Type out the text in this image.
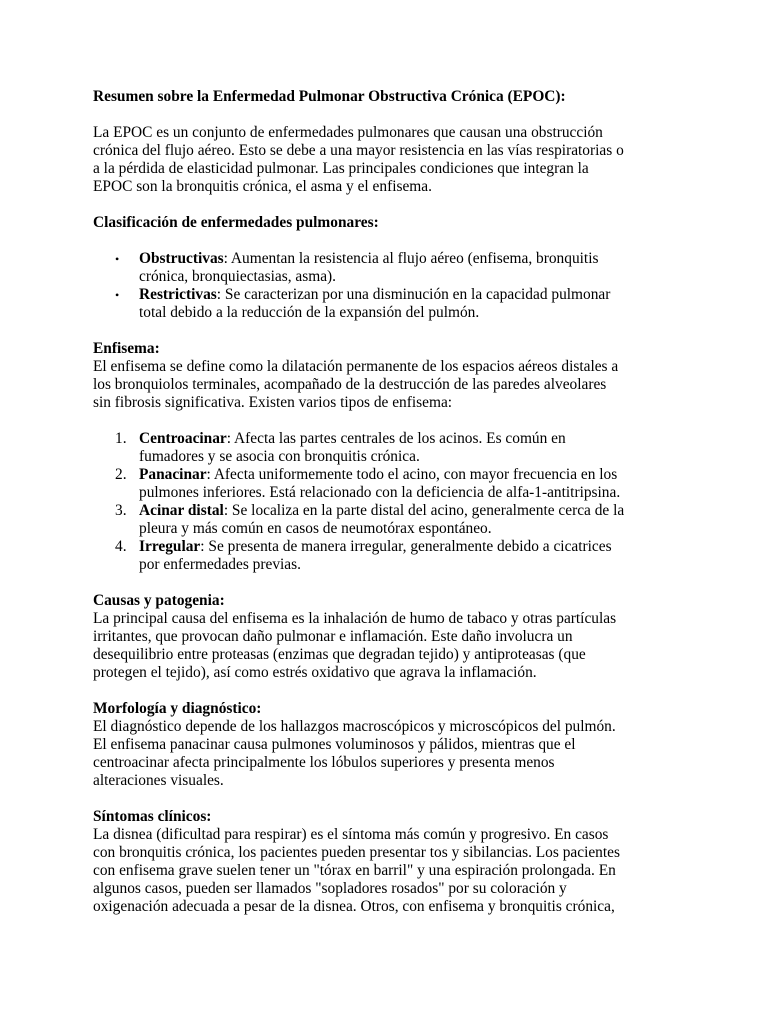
Resumen sobre la Enfermedad Pulmonar Obstructiva Crónica (EPOC):
La EPOC es un conjunto de enfermedades pulmonares que causan una obstrucción
crónica del flujo aéreo. Esto se debe a una mayor resistencia en las vías respiratorias o
a la pérdida de elasticidad pulmonar. Las principales condiciones que integran la
EPOC son la bronquitis crónica, el asma y el enfisema.
Clasificación de enfermedades pulmonares:
• Obstructivas: Aumentan la resistencia al flujo aéreo (enfisema, bronquitis
crónica, bronquiectasias, asma).
• Restrictivas: Se caracterizan por una disminución en la capacidad pulmonar
total debido a la reducción de la expansión del pulmón.
Enfisema:
El enfisema se define como la dilatación permanente de los espacios aéreos distales a
los bronquiolos terminales, acompañado de la destrucción de las paredes alveolares
sin fibrosis significativa. Existen varios tipos de enfisema:
1. Centroacinar: Afecta las partes centrales de los acinos. Es común en
fumadores y se asocia con bronquitis crónica.
2. Panacinar: Afecta uniformemente todo el acino, con mayor frecuencia en los
pulmones inferiores. Está relacionado con la deficiencia de alfa-1-antitripsina.
3. Acinar distal: Se localiza en la parte distal del acino, generalmente cerca de la
pleura y más común en casos de neumotórax espontáneo.
4. Irregular: Se presenta de manera irregular, generalmente debido a cicatrices
por enfermedades previas.
Causas y patogenia:
La principal causa del enfisema es la inhalación de humo de tabaco y otras partículas
irritantes, que provocan daño pulmonar e inflamación. Este daño involucra un
desequilibrio entre proteasas (enzimas que degradan tejido) y antiproteasas (que
protegen el tejido), así como estrés oxidativo que agrava la inflamación.
Morfología y diagnóstico:
El diagnóstico depende de los hallazgos macroscópicos y microscópicos del pulmón.
El enfisema panacinar causa pulmones voluminosos y pálidos, mientras que el
centroacinar afecta principalmente los lóbulos superiores y presenta menos
alteraciones visuales.
Síntomas clínicos:
La disnea (dificultad para respirar) es el síntoma más común y progresivo. En casos
con bronquitis crónica, los pacientes pueden presentar tos y sibilancias. Los pacientes
con enfisema grave suelen tener un "tórax en barril" y una espiración prolongada. En
algunos casos, pueden ser llamados "sopladores rosados" por su coloración y
oxigenación adecuada a pesar de la disnea. Otros, con enfisema y bronquitis crónica,
